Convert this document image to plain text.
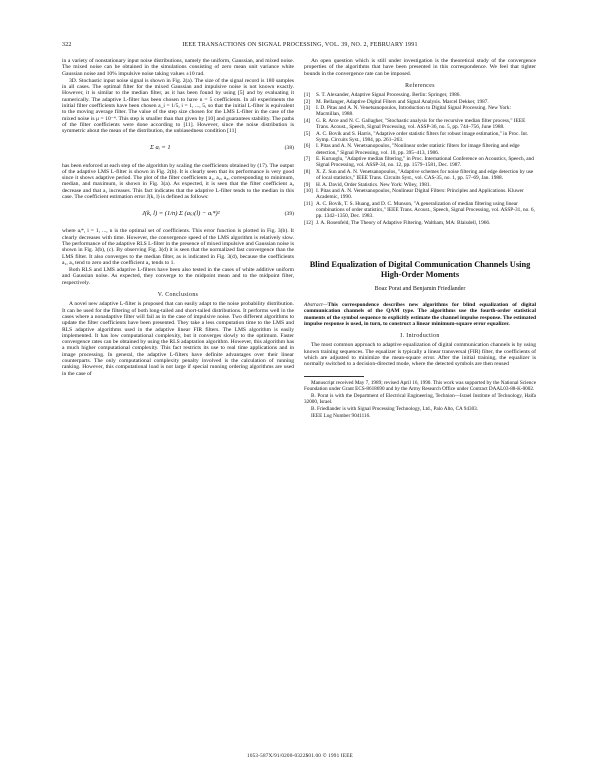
322	IEEE TRANSACTIONS ON SIGNAL PROCESSING, VOL. 39, NO. 2, FEBRUARY 1991

in a variety of nonstationary input noise distributions, namely the uniform, Gaussian, and mixed noise. The mixed noise can be obtained in the simulations consisting of zero mean unit variance white Gaussian noise and 10% impulsive noise taking values ±10 rad.

3D. Stochastic input noise signal is shown in Fig. 2(a). The size of the signal record is 180 samples in all cases. The optimal filter for the mixed Gaussian and impulsive noise is not known exactly. However, it is similar to the median filter, as it has been found by using [5] and by evaluating it numerically. The adaptive L-filter has been chosen to have n = 5 coefficients. In all experiments the initial filter coefficients have been chosen a_i = 1/5, i = 1, ..., 5, so that the initial L-filter is equivalent to the moving average filter. The value of the step size chosen for the LMS L-filter in the case of the mixed noise is μ = 10⁻⁴. This step is smaller than that given by [10] and guarantees stability. The paths of the filter coefficients were done according to [11]. However, since the noise distribution is symmetric about the mean of the distribution, the unbiasedness condition [11]

Σ aᵢ = 1	(38)

has been enforced at each step of the algorithm by scaling the coefficients obtained by (17). The output of the adaptive LMS L-filter is shown in Fig. 2(b). It is clearly seen that its performance is very good since it shows adaptive period. The plot of the filter coefficients a₁, a₂, a₃, corresponding to minimum, median, and maximum, is shown in Fig. 3(a). As expected, it is seen that the filter coefficient a₃ decrease and that a₁ increases. This fact indicates that the adaptive L-filter tends to the median in this case. The coefficient estimation error J(k, l) is defined as follows:

J(k, l) = (1/n) Σ (a₍ᵢ₎(l) − aᵢ*)²	(39)

where aᵢ*, i = 1, ..., n is the optimal set of coefficients. This error function is plotted in Fig. 3(b). It clearly decreases with time. However, the convergence speed of the LMS algorithm is relatively slow. The performance of the adaptive RLS L-filter in the presence of mixed impulsive and Gaussian noise is shown in Fig. 3(b), (c). By observing Fig. 3(d) it is seen that the normalized fast convergence than the LMS filter. It also converges to the median filter, as is indicated in Fig. 3(d), because the coefficients a₁, a₃ tend to zero and the coefficient a₂ tends to 1.

Both RLS and LMS adaptive L-filters have been also tested in the cases of white additive uniform and Gaussian noise. As expected, they converge to the midpoint mean and to the midpoint filter, respectively.

V. Conclusions

A novel new adaptive L-filter is proposed that can easily adapt to the noise probability distribution. It can be used for the filtering of both long-tailed and short-tailed distributions. It performs well in the cases where a nonadaptive filter will fail as in the case of impulsive noise. Two different algorithms to update the filter coefficients have been presented. They take a less computation time to the LMS and RLS adaptive algorithms used in the adaptive linear FIR filters. The LMS algorithm is easily implemented. It has low computational complexity, but it converges slowly to the optimum. Faster convergence rates can be obtained by using the RLS adaptation algorithm. However, this algorithm has a much higher computational complexity. This fact restricts its use to real time applications and in image processing. In general, the adaptive L-filters have definite advantages over their linear counterparts. The only computational complexity penalty involved is the calculation of running ranking. However, this computational load is not large if special running ordering algorithms are used in the case of

An open question which is still under investigation is the theoretical study of the convergence properties of the algorithms that have been presented in this correspondence. We feel that tighter bounds in the convergence rate can be imposed.

References
[1]	S. T. Alexander, Adaptive Signal Processing. Berlin: Springer, 1986.
[2]	M. Bellanger, Adaptive Digital Filters and Signal Analysis. Marcel Dekker, 1987.
[3]	I. D. Pitas and A. N. Venetsanopoulos, Introduction to Digital Signal Processing. New York: Macmillan, 1988.
[4]	G. R. Arce and N. C. Gallagher, "Stochastic analysis for the recursive median filter process," IEEE Trans. Acoust., Speech, Signal Processing, vol. ASSP-36, no. 5, pp. 744–756, June 1988.
[5]	A. C. Bovik and S. Harris, "Adaptive order statistic filters for robust image estimation," in Proc. Int. Symp. Circuits Syst., 1984, pp. 261–263.
[6]	I. Pitas and A. N. Venetsanopoulos, "Nonlinear order statistic filters for image filtering and edge detection," Signal Processing, vol. 10, pp. 395–413, 1986.
[7]	E. Kuruoglu, "Adaptive median filtering," in Proc. International Conference on Acoustics, Speech, and Signal Processing, vol. ASSP-34, no. 12, pp. 1579–1581, Dec. 1987.
[8]	X. Z. Sun and A. N. Venetsanopoulos, "Adaptive schemes for noise filtering and edge detection by use of local statistics," IEEE Trans. Circuits Syst., vol. CAS-35, no. 1, pp. 57–69, Jan. 1988.
[9]	H. A. David, Order Statistics. New York: Wiley, 1981.
[10] I. Pitas and A. N. Venetsanopoulos, Nonlinear Digital Filters: Principles and Applications. Kluwer Academic, 1990.
[11] A. C. Bovik, T. S. Huang, and D. C. Munson, "A generalization of median filtering using linear combinations of order statistics," IEEE Trans. Acoust., Speech, Signal Processing, vol. ASSP-31, no. 6, pp. 1342–1350, Dec. 1983.
[12] J. A. Rosenfeld, The Theory of Adaptive Filtering. Waltham, MA: Blaisdell, 1966.
Blind Equalization of Digital Communication Channels Using High-Order Moments
Boaz Porat and Benjamin Friedlander
Abstract—This correspondence describes new algorithms for blind equalization of digital communication channels of the QAM type. The algorithms use the fourth-order statistical moments of the symbol sequence to explicitly estimate the channel impulse response. The estimated impulse response is used, in turn, to construct a linear minimum-square error equalizer.
I. Introduction

The most common approach to adaptive equalization of digital communication channels is by using known training sequences. The equalizer is typically a linear transversal (FIR) filter, the coefficients of which are adjusted to minimize the mean-square error. After the initial training, the equalizer is normally switched to a decision-directed mode, where the detected symbols are then reused

Manuscript received May 7, 1989; revised April 16, 1990. This work was supported by the National Science Foundation under Grant ECS-8618690 and by the Army Research Office under Contract DAAL03-88-K-0002.

B. Porat is with the Department of Electrical Engineering, Technion—Israel Institute of Technology, Haifa 32000, Israel.

B. Friedlander is with Signal Processing Technology, Ltd., Palo Alto, CA 94303.

IEEE Log Number 9041116.

1053-587X/91/0200-0322$01.00 © 1991 IEEE
